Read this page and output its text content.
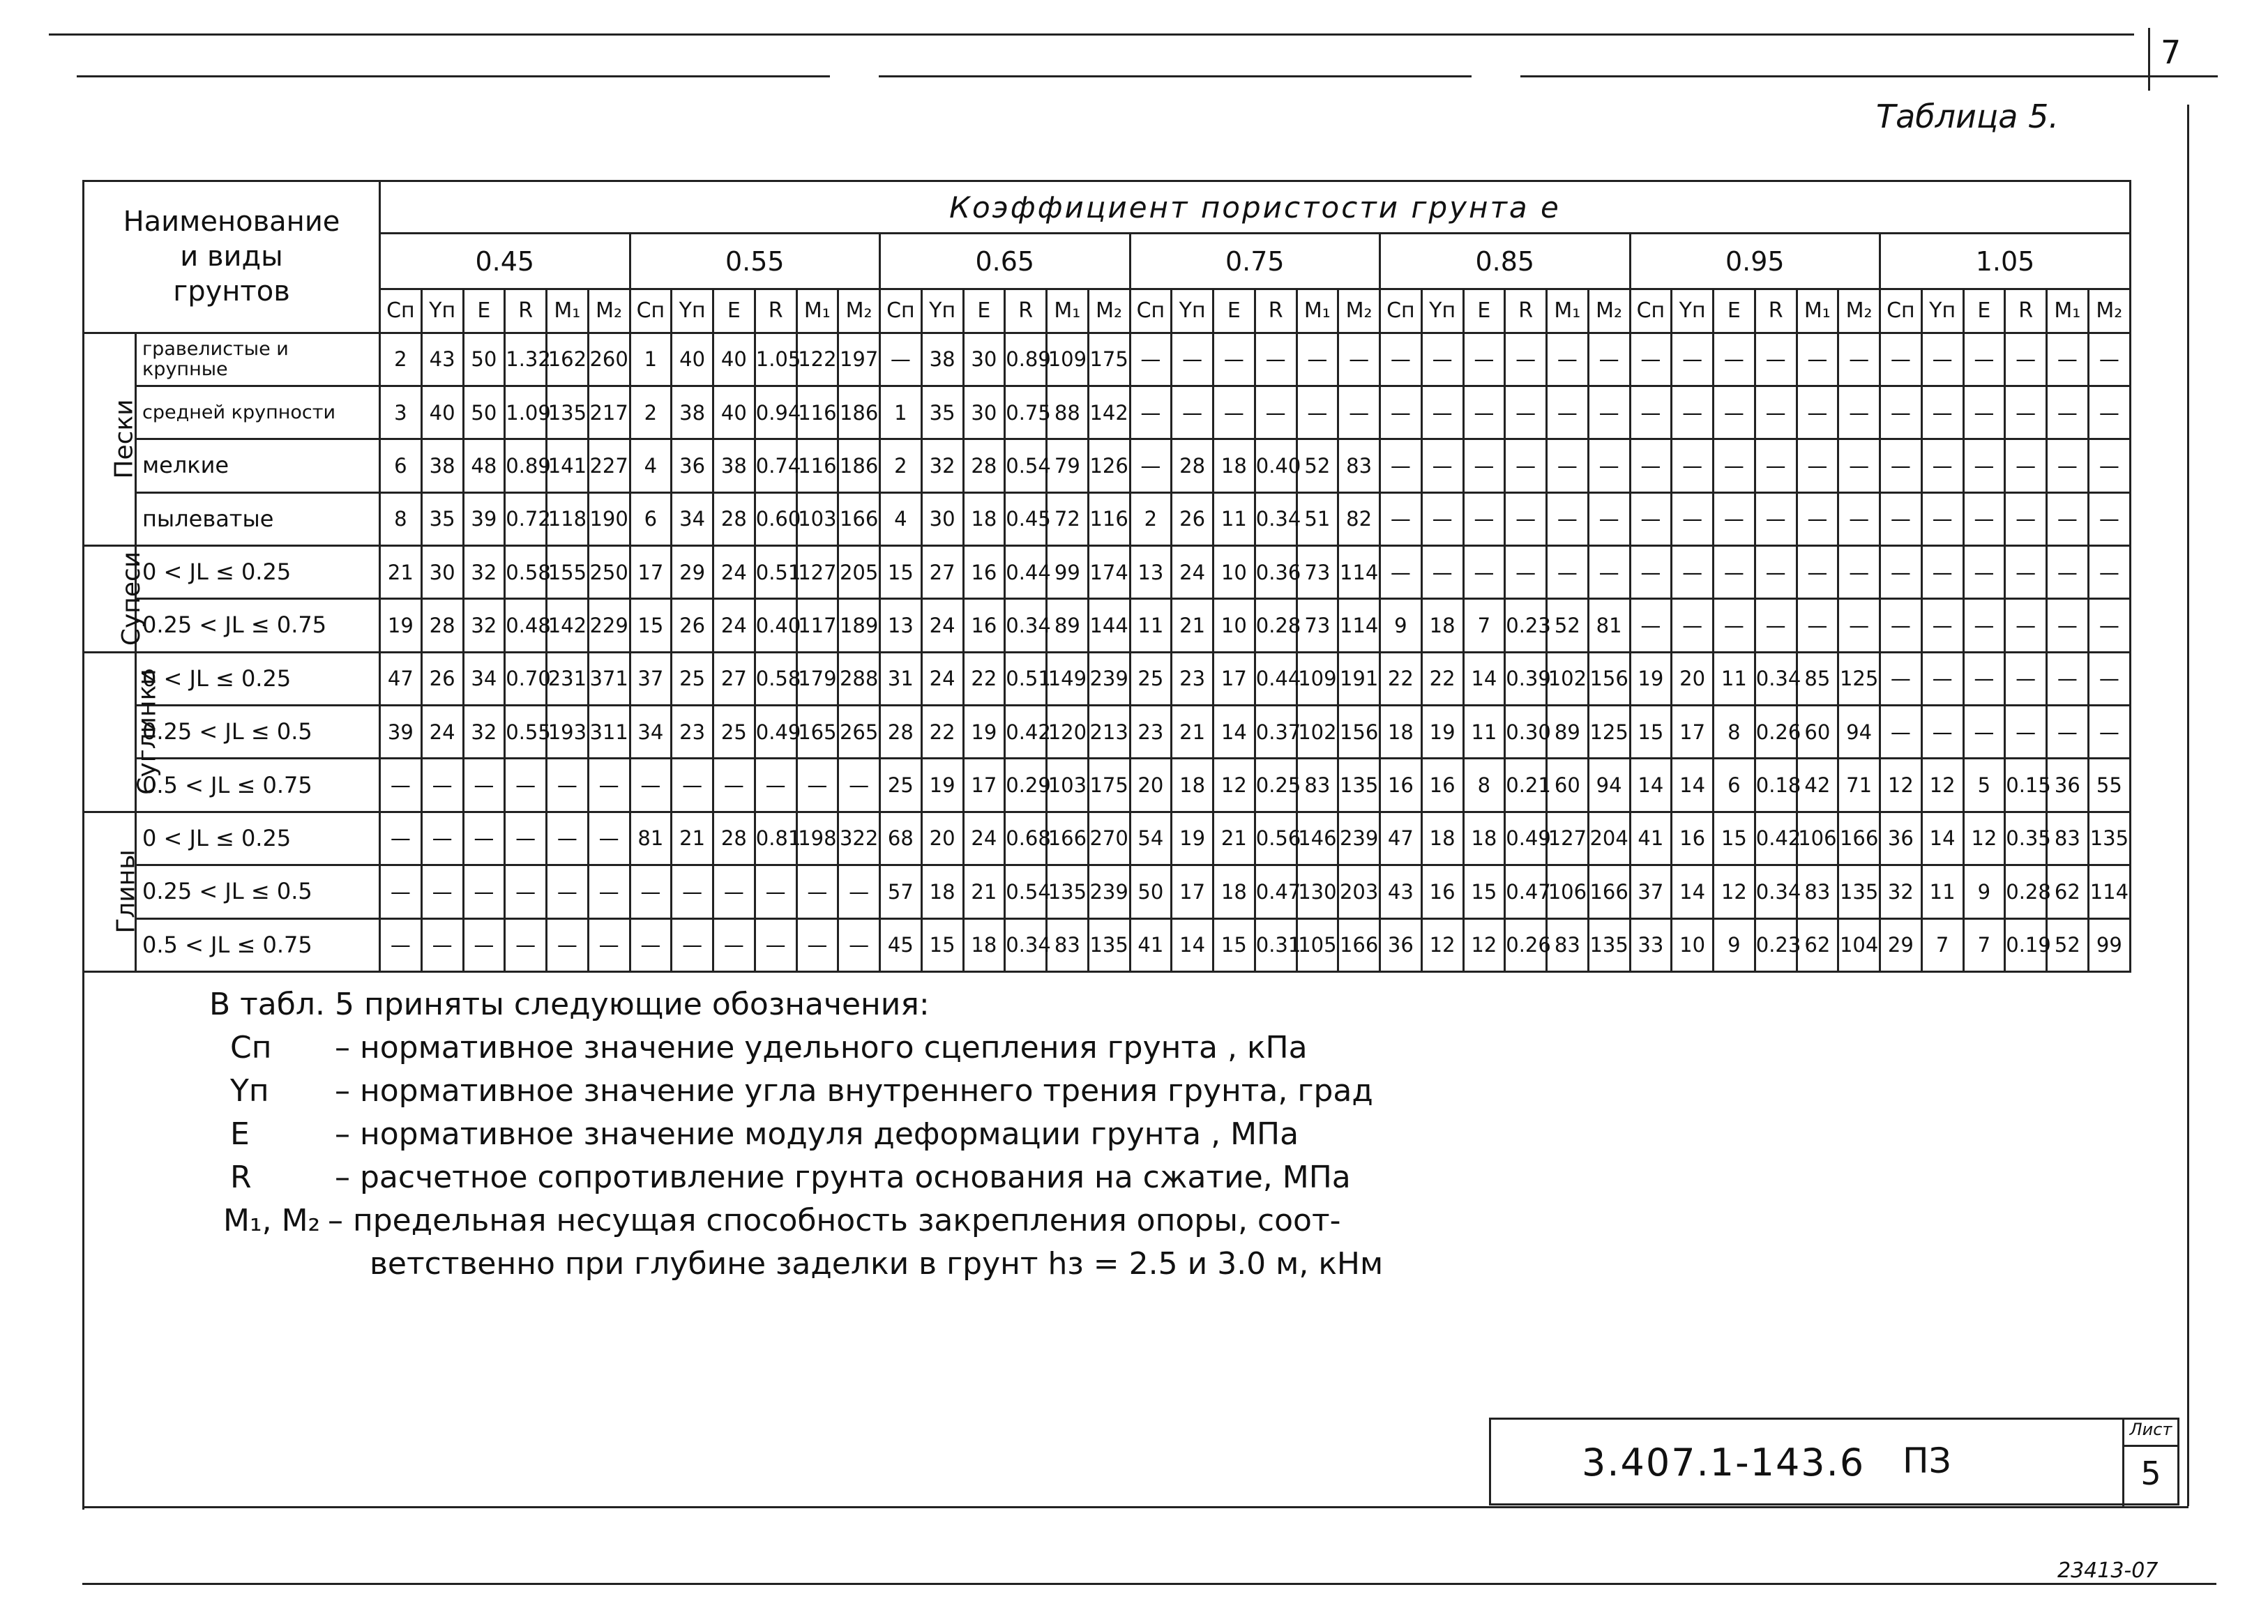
7
Таблица 5.
Наименование
и виды
грунтов		Коэффициент пористости грунта е																																									
		0.45						0.55						0.65						0.75						0.85						0.95						1.05					
		Cп	Yп	E	R	M₁	M₂	Cп	Yп	E	R	M₁	M₂	Cп	Yп	E	R	M₁	M₂	Cп	Yп	E	R	M₁	M₂	Cп	Yп	E	R	M₁	M₂	Cп	Yп	E	R	M₁	M₂	Cп	Yп	E	R	M₁	M₂
Пески	гравелистые и крупные	2	43	50	1.32	162	260	1	40	40	1.05	122	197	—	38	30	0.89	109	175	—	—	—	—	—	—	—	—	—	—	—	—	—	—	—	—	—	—	—	—	—	—	—	—
	средней крупности	3	40	50	1.09	135	217	2	38	40	0.94	116	186	1	35	30	0.75	88	142	—	—	—	—	—	—	—	—	—	—	—	—	—	—	—	—	—	—	—	—	—	—	—	—
	мелкие	6	38	48	0.89	141	227	4	36	38	0.74	116	186	2	32	28	0.54	79	126	—	28	18	0.40	52	83	—	—	—	—	—	—	—	—	—	—	—	—	—	—	—	—	—	—
	пылеватые	8	35	39	0.72	118	190	6	34	28	0.60	103	166	4	30	18	0.45	72	116	2	26	11	0.34	51	82	—	—	—	—	—	—	—	—	—	—	—	—	—	—	—	—	—	—
Супеси	0 < JL ≤ 0.25	21	30	32	0.58	155	250	17	29	24	0.51	127	205	15	27	16	0.44	99	174	13	24	10	0.36	73	114	—	—	—	—	—	—	—	—	—	—	—	—	—	—	—	—	—	—
	0.25 < JL ≤ 0.75	19	28	32	0.48	142	229	15	26	24	0.40	117	189	13	24	16	0.34	89	144	11	21	10	0.28	73	114	9	18	7	0.23	52	81	—	—	—	—	—	—	—	—	—	—	—	—
Суглинки	0 < JL ≤ 0.25	47	26	34	0.70	231	371	37	25	27	0.58	179	288	31	24	22	0.51	149	239	25	23	17	0.44	109	191	22	22	14	0.39	102	156	19	20	11	0.34	85	125	—	—	—	—	—	—
	0.25 < JL ≤ 0.5	39	24	32	0.55	193	311	34	23	25	0.49	165	265	28	22	19	0.42	120	213	23	21	14	0.37	102	156	18	19	11	0.30	89	125	15	17	8	0.26	60	94	—	—	—	—	—	—
	0.5 < JL ≤ 0.75	—	—	—	—	—	—	—	—	—	—	—	—	25	19	17	0.29	103	175	20	18	12	0.25	83	135	16	16	8	0.21	60	94	14	14	6	0.18	42	71	12	12	5	0.15	36	55
Глины	0 < JL ≤ 0.25	—	—	—	—	—	—	81	21	28	0.81	198	322	68	20	24	0.68	166	270	54	19	21	0.56	146	239	47	18	18	0.49	127	204	41	16	15	0.42	106	166	36	14	12	0.35	83	135
	0.25 < JL ≤ 0.5	—	—	—	—	—	—	—	—	—	—	—	—	57	18	21	0.54	135	239	50	17	18	0.47	130	203	43	16	15	0.47	106	166	37	14	12	0.34	83	135	32	11	9	0.28	62	114
	0.5 < JL ≤ 0.75	—	—	—	—	—	—	—	—	—	—	—	—	45	15	18	0.34	83	135	41	14	15	0.31	105	166	36	12	12	0.26	83	135	33	10	9	0.23	62	104	29	7	7	0.19	52	99
В табл. 5 приняты следующие обозначения:
Cп – нормативное значение удельного сцепления грунта , кПа
Yп – нормативное значение угла внутреннего трения грунта, град
E	– нормативное значение модуля деформации грунта , МПа
R	– расчетное сопротивление грунта основания на сжатие, МПа
M₁, M₂ – предельная несущая способность закрепления опоры, соот-
ветственно при глубине заделки в грунт hз = 2.5 и 3.0 м, кНм
3.407.1-143.6 ПЗ
Лист
5
23413-07
